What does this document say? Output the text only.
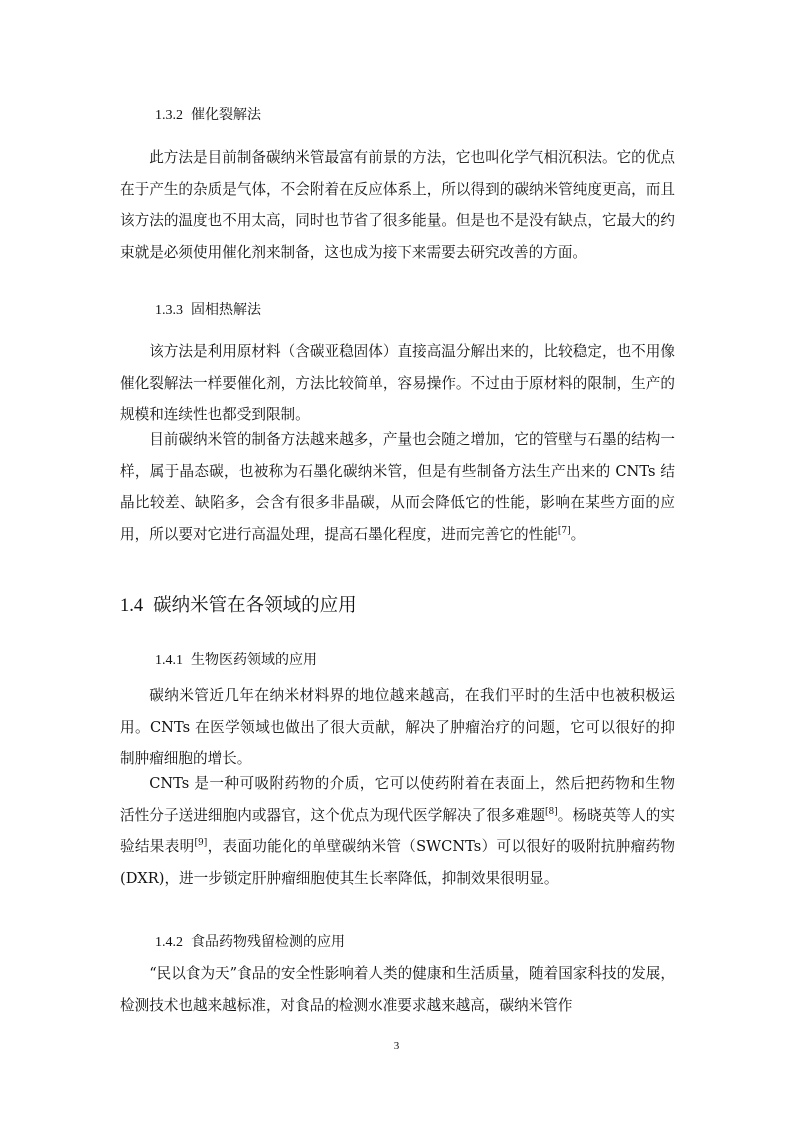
1.3.2 催化裂解法

此方法是目前制备碳纳米管最富有前景的方法，它也叫化学气相沉积法。它的优点在于产生的杂质是气体，不会附着在反应体系上，所以得到的碳纳米管纯度更高，而且该方法的温度也不用太高，同时也节省了很多能量。但是也不是没有缺点，它最大的约束就是必须使用催化剂来制备，这也成为接下来需要去研究改善的方面。

1.3.3 固相热解法

该方法是利用原材料（含碳亚稳固体）直接高温分解出来的，比较稳定，也不用像催化裂解法一样要催化剂，方法比较简单，容易操作。不过由于原材料的限制，生产的规模和连续性也都受到限制。

目前碳纳米管的制备方法越来越多，产量也会随之增加，它的管壁与石墨的结构一样，属于晶态碳，也被称为石墨化碳纳米管，但是有些制备方法生产出来的 CNTs 结晶比较差、缺陷多，会含有很多非晶碳，从而会降低它的性能，影响在某些方面的应用，所以要对它进行高温处理，提高石墨化程度，进而完善它的性能[7]。

1.4 碳纳米管在各领域的应用
1.4.1 生物医药领域的应用

碳纳米管近几年在纳米材料界的地位越来越高，在我们平时的生活中也被积极运用。CNTs 在医学领域也做出了很大贡献，解决了肿瘤治疗的问题，它可以很好的抑制肿瘤细胞的增长。

CNTs 是一种可吸附药物的介质，它可以使药附着在表面上，然后把药物和生物活性分子送进细胞内或器官，这个优点为现代医学解决了很多难题[8]。杨晓英等人的实验结果表明[9]，表面功能化的单壁碳纳米管（SWCNTs）可以很好的吸附抗肿瘤药物(DXR)，进一步锁定肝肿瘤细胞使其生长率降低，抑制效果很明显。

1.4.2 食品药物残留检测的应用

“民以食为天”食品的安全性影响着人类的健康和生活质量，随着国家科技的发展，检测技术也越来越标准，对食品的检测水准要求越来越高，碳纳米管作

3
